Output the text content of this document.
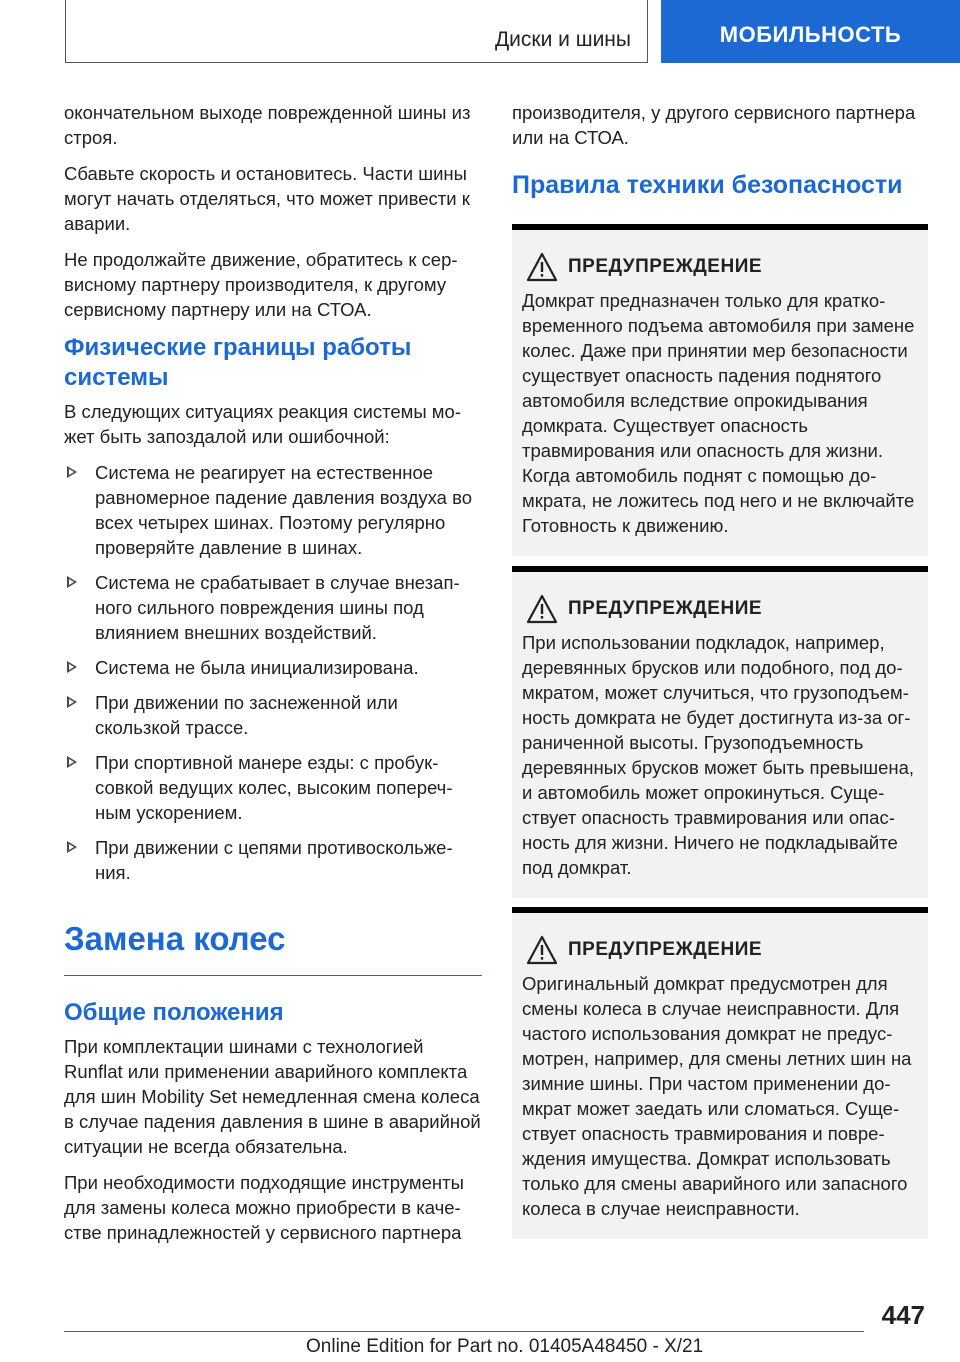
Диски и шины	МОБИЛЬНОСТЬ

окончательном выходе поврежденной шины из строя.

Сбавьте скорость и остановитесь. Части шины могут начать отделяться, что может привести к аварии.

Не продолжайте движение, обратитесь к сервисному партнеру производителя, к другому сервисному партнеру или на СТОА.

Физические границы работы системы

В следующих ситуациях реакция системы может быть запоздалой или ошибочной:

Система не реагирует на естественное равномерное падение давления воздуха во всех четырех шинах. Поэтому регулярно проверяйте давление в шинах.
Система не срабатывает в случае внезапного сильного повреждения шины под влиянием внешних воздействий.
Система не была инициализирована.
При движении по заснеженной или скользкой трассе.
При спортивной манере езды: с пробуксовкой ведущих колес, высоким поперечным ускорением.
При движении с цепями противоскольжения.
Замена колес
Общие положения

При комплектации шинами с технологией Runflat или применении аварийного комплекта для шин Mobility Set немедленная смена колеса в случае падения давления в шине в аварийной ситуации не всегда обязательна.

При необходимости подходящие инструменты для замены колеса можно приобрести в качестве принадлежностей у сервисного партнера

производителя, у другого сервисного партнера или на СТОА.

Правила техники безопасности
ПРЕДУПРЕЖДЕНИЕ

Домкрат предназначен только для кратковременного подъема автомобиля при замене колес. Даже при принятии мер безопасности существует опасность падения поднятого автомобиля вследствие опрокидывания домкрата. Существует опасность травмирования или опасность для жизни. Когда автомобиль поднят с помощью домкрата, не ложитесь под него и не включайте Готовность к движению.

ПРЕДУПРЕЖДЕНИЕ

При использовании подкладок, например, деревянных брусков или подобного, под домкратом, может случиться, что грузоподъемность домкрата не будет достигнута из-за ограниченной высоты. Грузоподъемность деревянных брусков может быть превышена, и автомобиль может опрокинуться. Существует опасность травмирования или опасность для жизни. Ничего не подкладывайте под домкрат.

ПРЕДУПРЕЖДЕНИЕ

Оригинальный домкрат предусмотрен для смены колеса в случае неисправности. Для частого использования домкрат не предусмотрен, например, для смены летних шин на зимние шины. При частом применении домкрат может заедать или сломаться. Существует опасность травмирования и повреждения имущества. Домкрат использовать только для смены аварийного или запасного колеса в случае неисправности.

447
Online Edition for Part no. 01405A48450 - X/21
